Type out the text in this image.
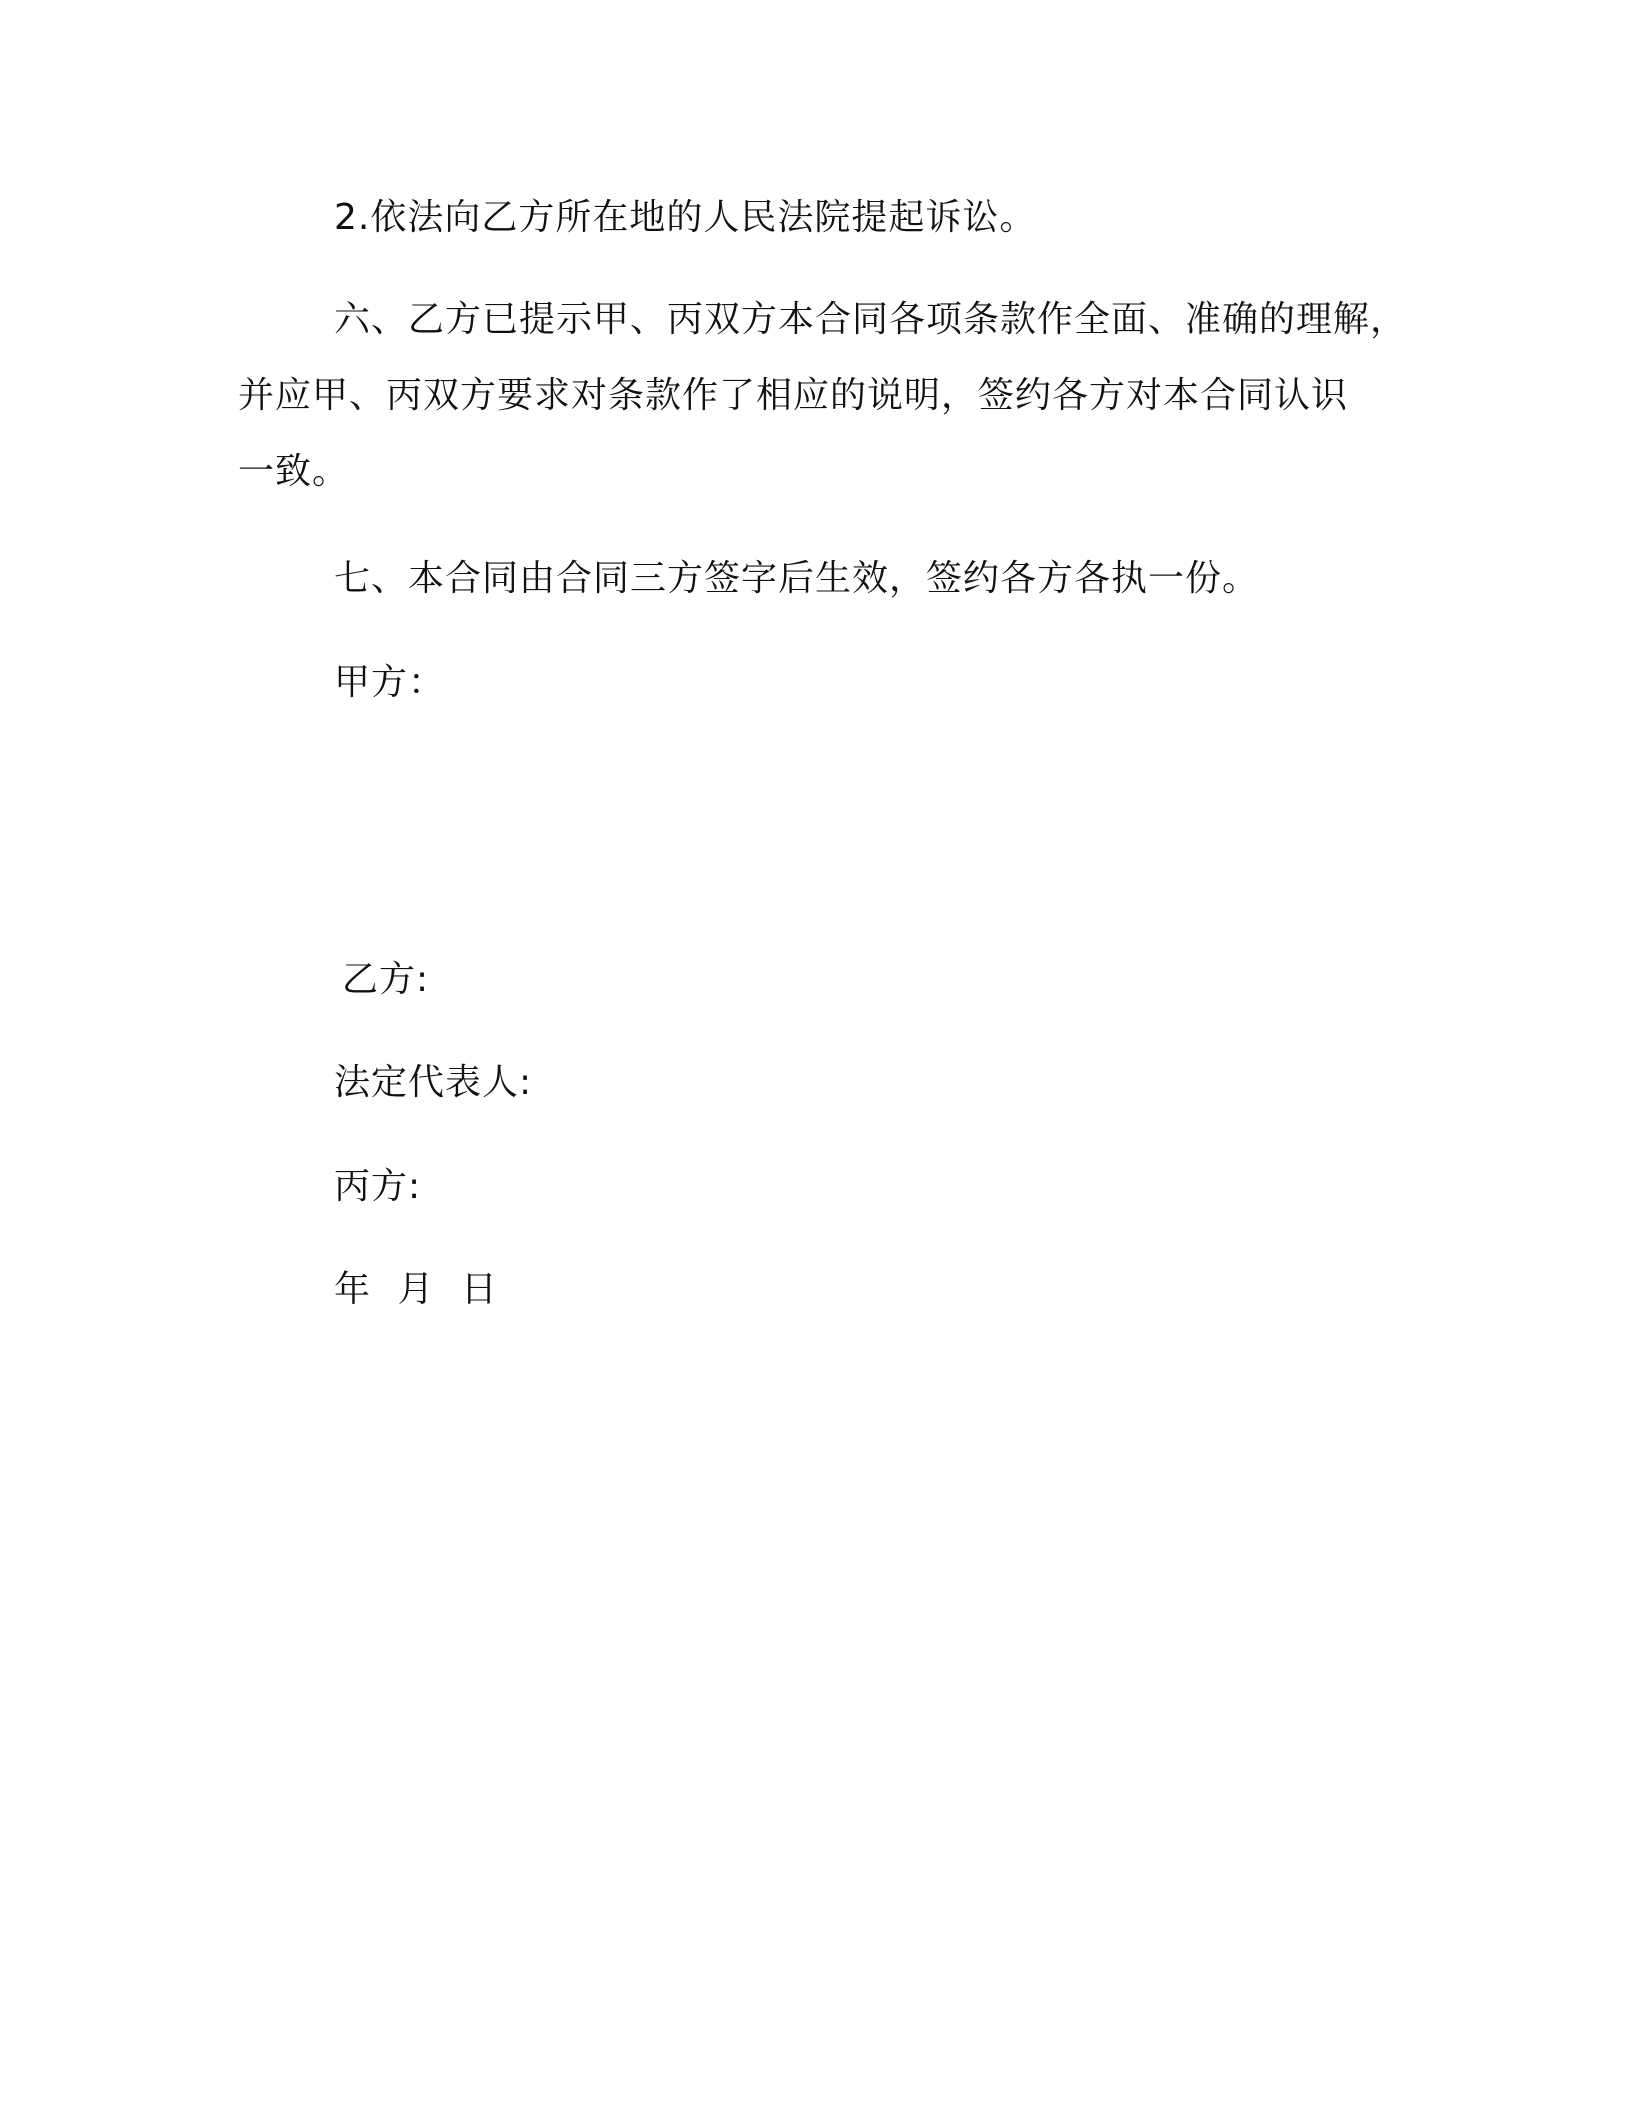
2.依法向乙方所在地的人民法院提起诉讼。
六、乙方已提示甲、丙双方本合同各项条款作全面、准确的理解，
并应甲、丙双方要求对条款作了相应的说明，签约各方对本合同认识
一致。
七、本合同由合同三方签字后生效，签约各方各执一份。
甲方：
乙方:
法定代表人:
丙方:
年 月 日
